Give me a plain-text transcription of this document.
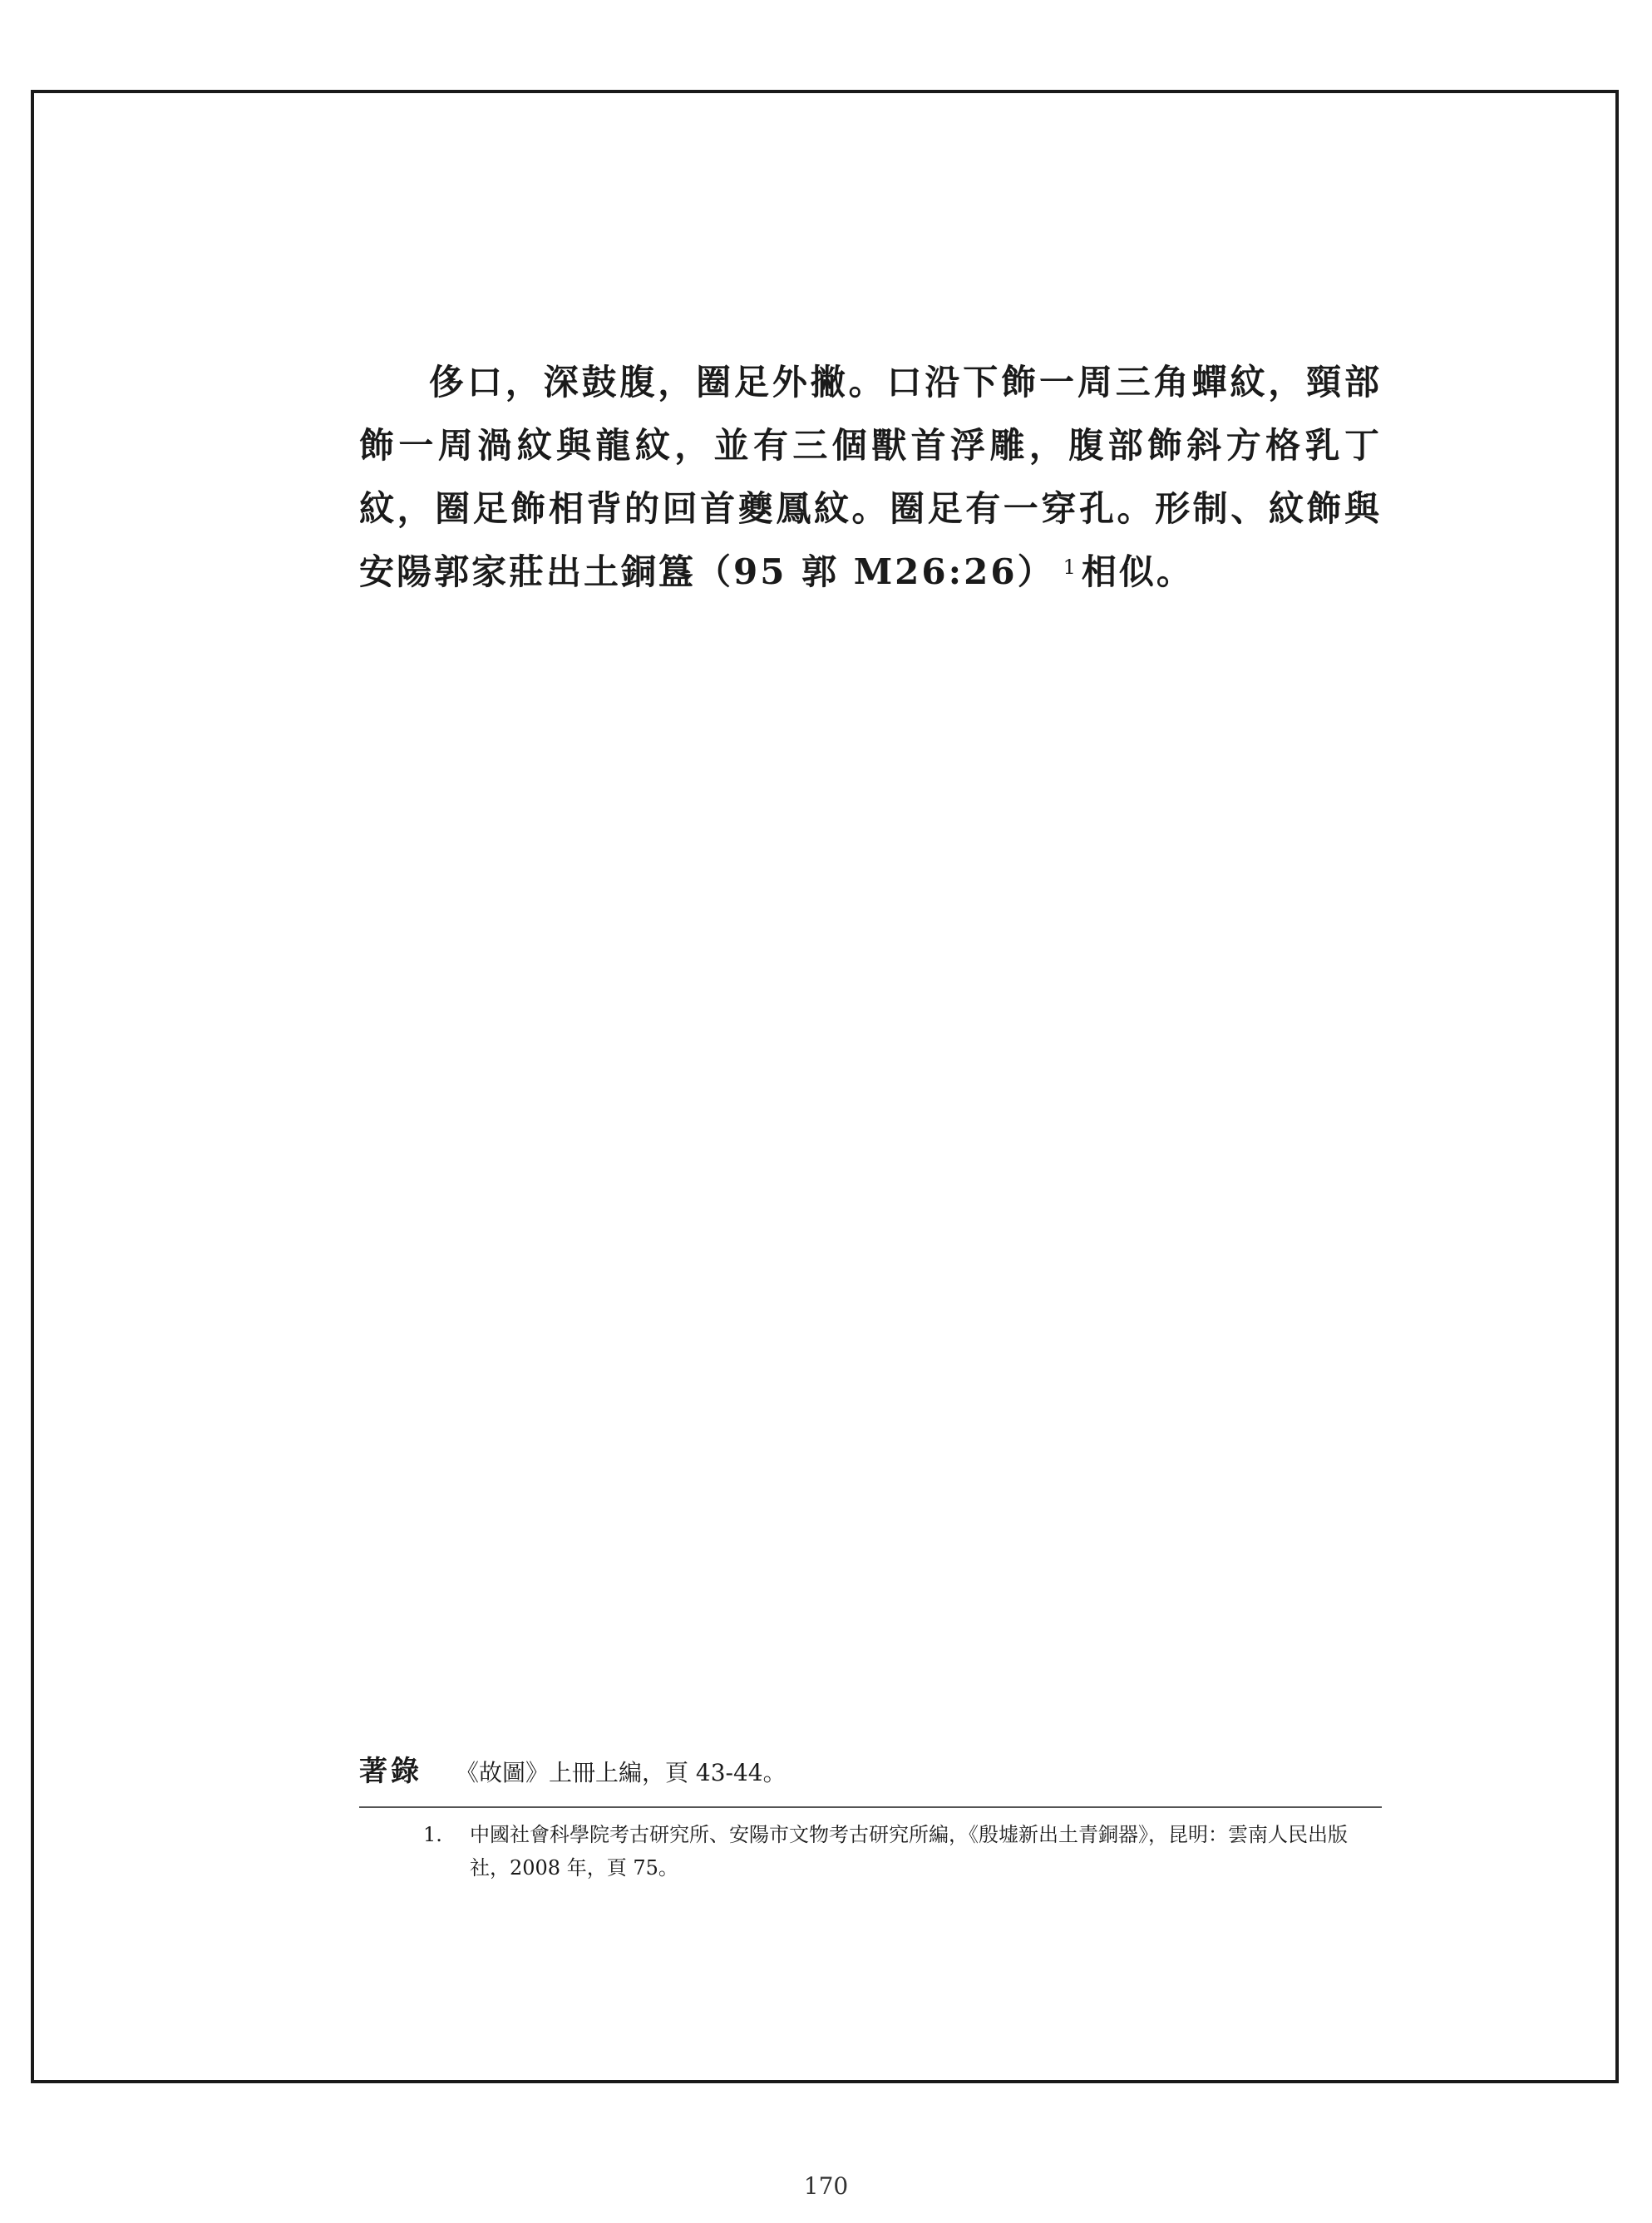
侈口，深鼓腹，圈足外撇。口沿下飾一周三角蟬紋，頸部飾一周渦紋與龍紋，並有三個獸首浮雕，腹部飾斜方格乳丁紋，圈足飾相背的回首夔鳳紋。圈足有一穿孔。形制、紋飾與安陽郭家莊出土銅簋（95 郭 M26:26） $^1$相似。

著錄	《故圖》上冊上編，頁 43-44。

1. 中國社會科學院考古研究所、安陽市文物考古研究所編，《殷墟新出土青銅器》，昆明：雲南人民出版社，2008 年，頁 75。

170
